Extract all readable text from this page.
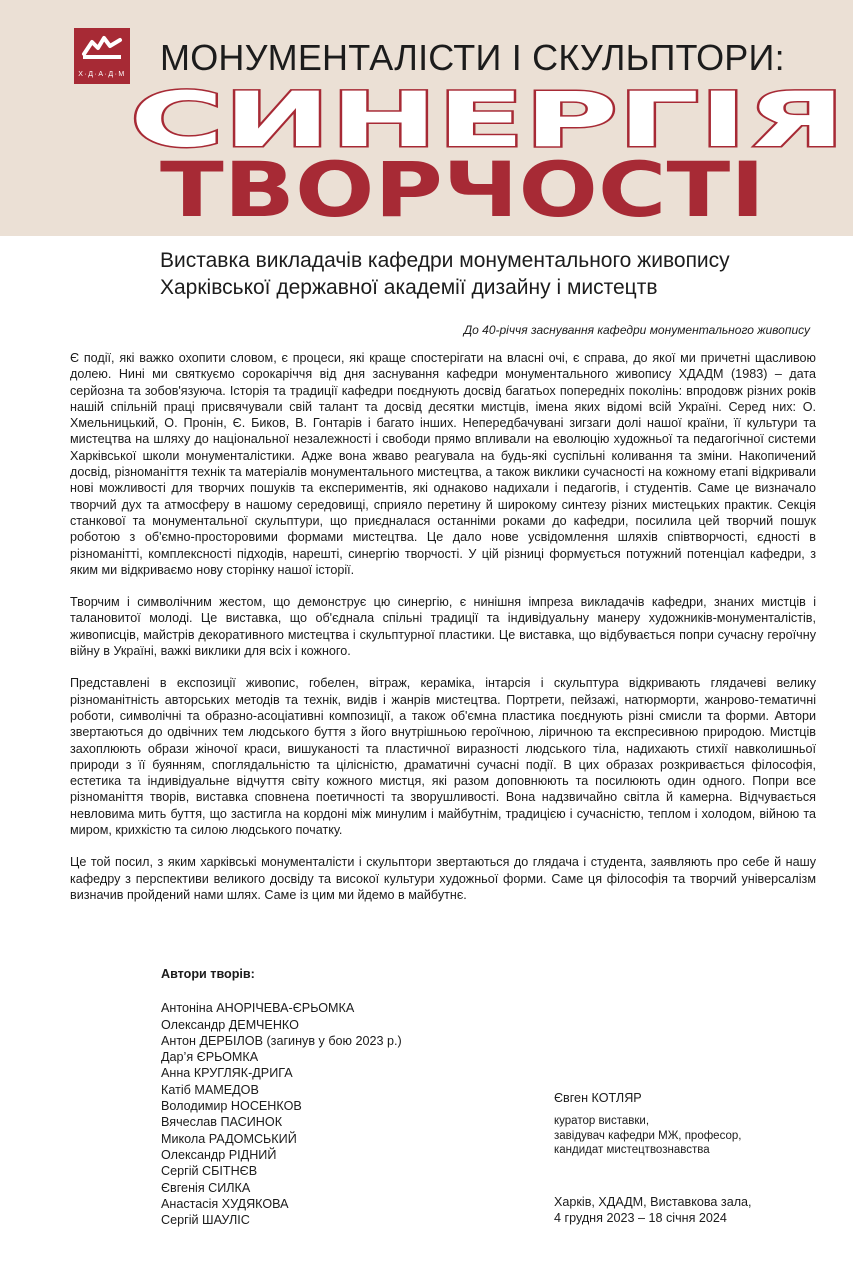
Х·Д·А·Д·М МОНУМЕНТАЛІСТИ І СКУЛЬПТОРИ:
СИНЕРГІЯ
ТВОРЧОСТІ
Виставка викладачів кафедри монументального живопису
Харківської державної академії дизайну і мистецтв
До 40-річчя заснування кафедри монументального живопису

Є події, які важко охопити словом, є процеси, які краще спостерігати на власні очі, є справа, до якої ми причетні щасливою долею. Нині ми святкуємо сорокаріччя від дня заснування кафедри монументального живопису ХДАДМ (1983) – дата серйозна та зобов'язуюча. Історія та традиції кафедри поєднують досвід багатьох попередніх поколінь: впродовж різних років нашій спільній праці присвячували свій талант та досвід десятки мистців, імена яких відомі всій Україні. Серед них: О. Хмельницький, О. Пронін, Є. Биков, В. Гонтарів і багато інших. Непередбачувані зигзаги долі нашої країни, її культури та мистецтва на шляху до національної незалежності і свободи прямо впливали на еволюцію художньої та педагогічної системи Харківської школи монументалістики. Адже вона жваво реагувала на будь-які суспільні коливання та зміни. Накопичений досвід, різноманіття технік та матеріалів монументального мистецтва, а також виклики сучасності на кожному етапі відкривали нові можливості для творчих пошуків та експериментів, які однаково надихали і педагогів, і студентів. Саме це визначало творчий дух та атмосферу в нашому середовищі, сприяло перетину й широкому синтезу різних мистецьких практик. Секція станкової та монументальної скульптури, що приєдналася останніми роками до кафедри, посилила цей творчий пошук роботою з об'ємно-просторовими формами мистецтва. Це дало нове усвідомлення шляхів співтворчості, єдності в різноманітті, комплексності підходів, нарешті, синергію творчості. У цій різниці формується потужний потенціал кафедри, з яким ми відкриваємо нову сторінку нашої історії.

Творчим і символічним жестом, що демонструє цю синергію, є нинішня імпреза викладачів кафедри, знаних мистців і талановитої молоді. Це виставка, що об'єднала спільні традиції та індивідуальну манеру художників-монументалістів, живописців, майстрів декоративного мистецтва і скульптурної пластики. Це виставка, що відбувається попри сучасну героїчну війну в Україні, важкі виклики для всіх і кожного.

Представлені в експозиції живопис, гобелен, вітраж, кераміка, інтарсія і скульптура відкривають глядачеві велику різноманітність авторських методів та технік, видів і жанрів мистецтва. Портрети, пейзажі, натюрморти, жанрово-тематичні роботи, символічні та образно-асоціативні композиції, а також об'ємна пластика поєднують різні смисли та форми. Автори звертаються до одвічних тем людського буття з його внутрішньою героїчною, ліричною та експресивною природою. Мистців захоплюють образи жіночої краси, вишуканості та пластичної виразності людського тіла, надихають стихії навколишньої природи з її буянням, споглядальністю та цілісністю, драматичні сучасні події. В цих образах розкривається філософія, естетика та індивідуальне відчуття світу кожного мистця, які разом доповнюють та посилюють один одного. Попри все різноманіття творів, виставка сповнена поетичності та зворушливості. Вона надзвичайно світла й камерна. Відчувається невловима мить буття, що застигла на кордоні між минулим і майбутнім, традицією і сучасністю, теплом і холодом, війною та миром, крихкістю та силою людського початку.

Це той посил, з яким харківські монументалісти і скульптори звертаються до глядача і студента, заявляють про себе й нашу кафедру з перспективи великого досвіду та високої культури художньої форми. Саме ця філософія та творчий універсалізм визначив пройдений нами шлях. Саме із цим ми йдемо в майбутнє.

Автори творів:
Антоніна АНОРІЧЕВА-ЄРЬОМКА
Олександр ДЕМЧЕНКО
Антон ДЕРБІЛОВ (загинув у бою 2023 р.)
Дар’я ЄРЬОМКА
Анна КРУГЛЯК-ДРИГА
Катіб МАМЕДОВ
Володимир НОСЕНКОВ
Вячеслав ПАСИНОК
Микола РАДОМСЬКИЙ
Олександр РІДНИЙ
Сергій СБІТНЄВ
Євгенія СИЛКА
Анастасія ХУДЯКОВА
Сергій ШАУЛІС
Євген КОТЛЯР
куратор виставки,
завідувач кафедри МЖ, професор,
кандидат мистецтвознавства
Харків, ХДАДМ, Виставкова зала,
4 грудня 2023 – 18 січня 2024
